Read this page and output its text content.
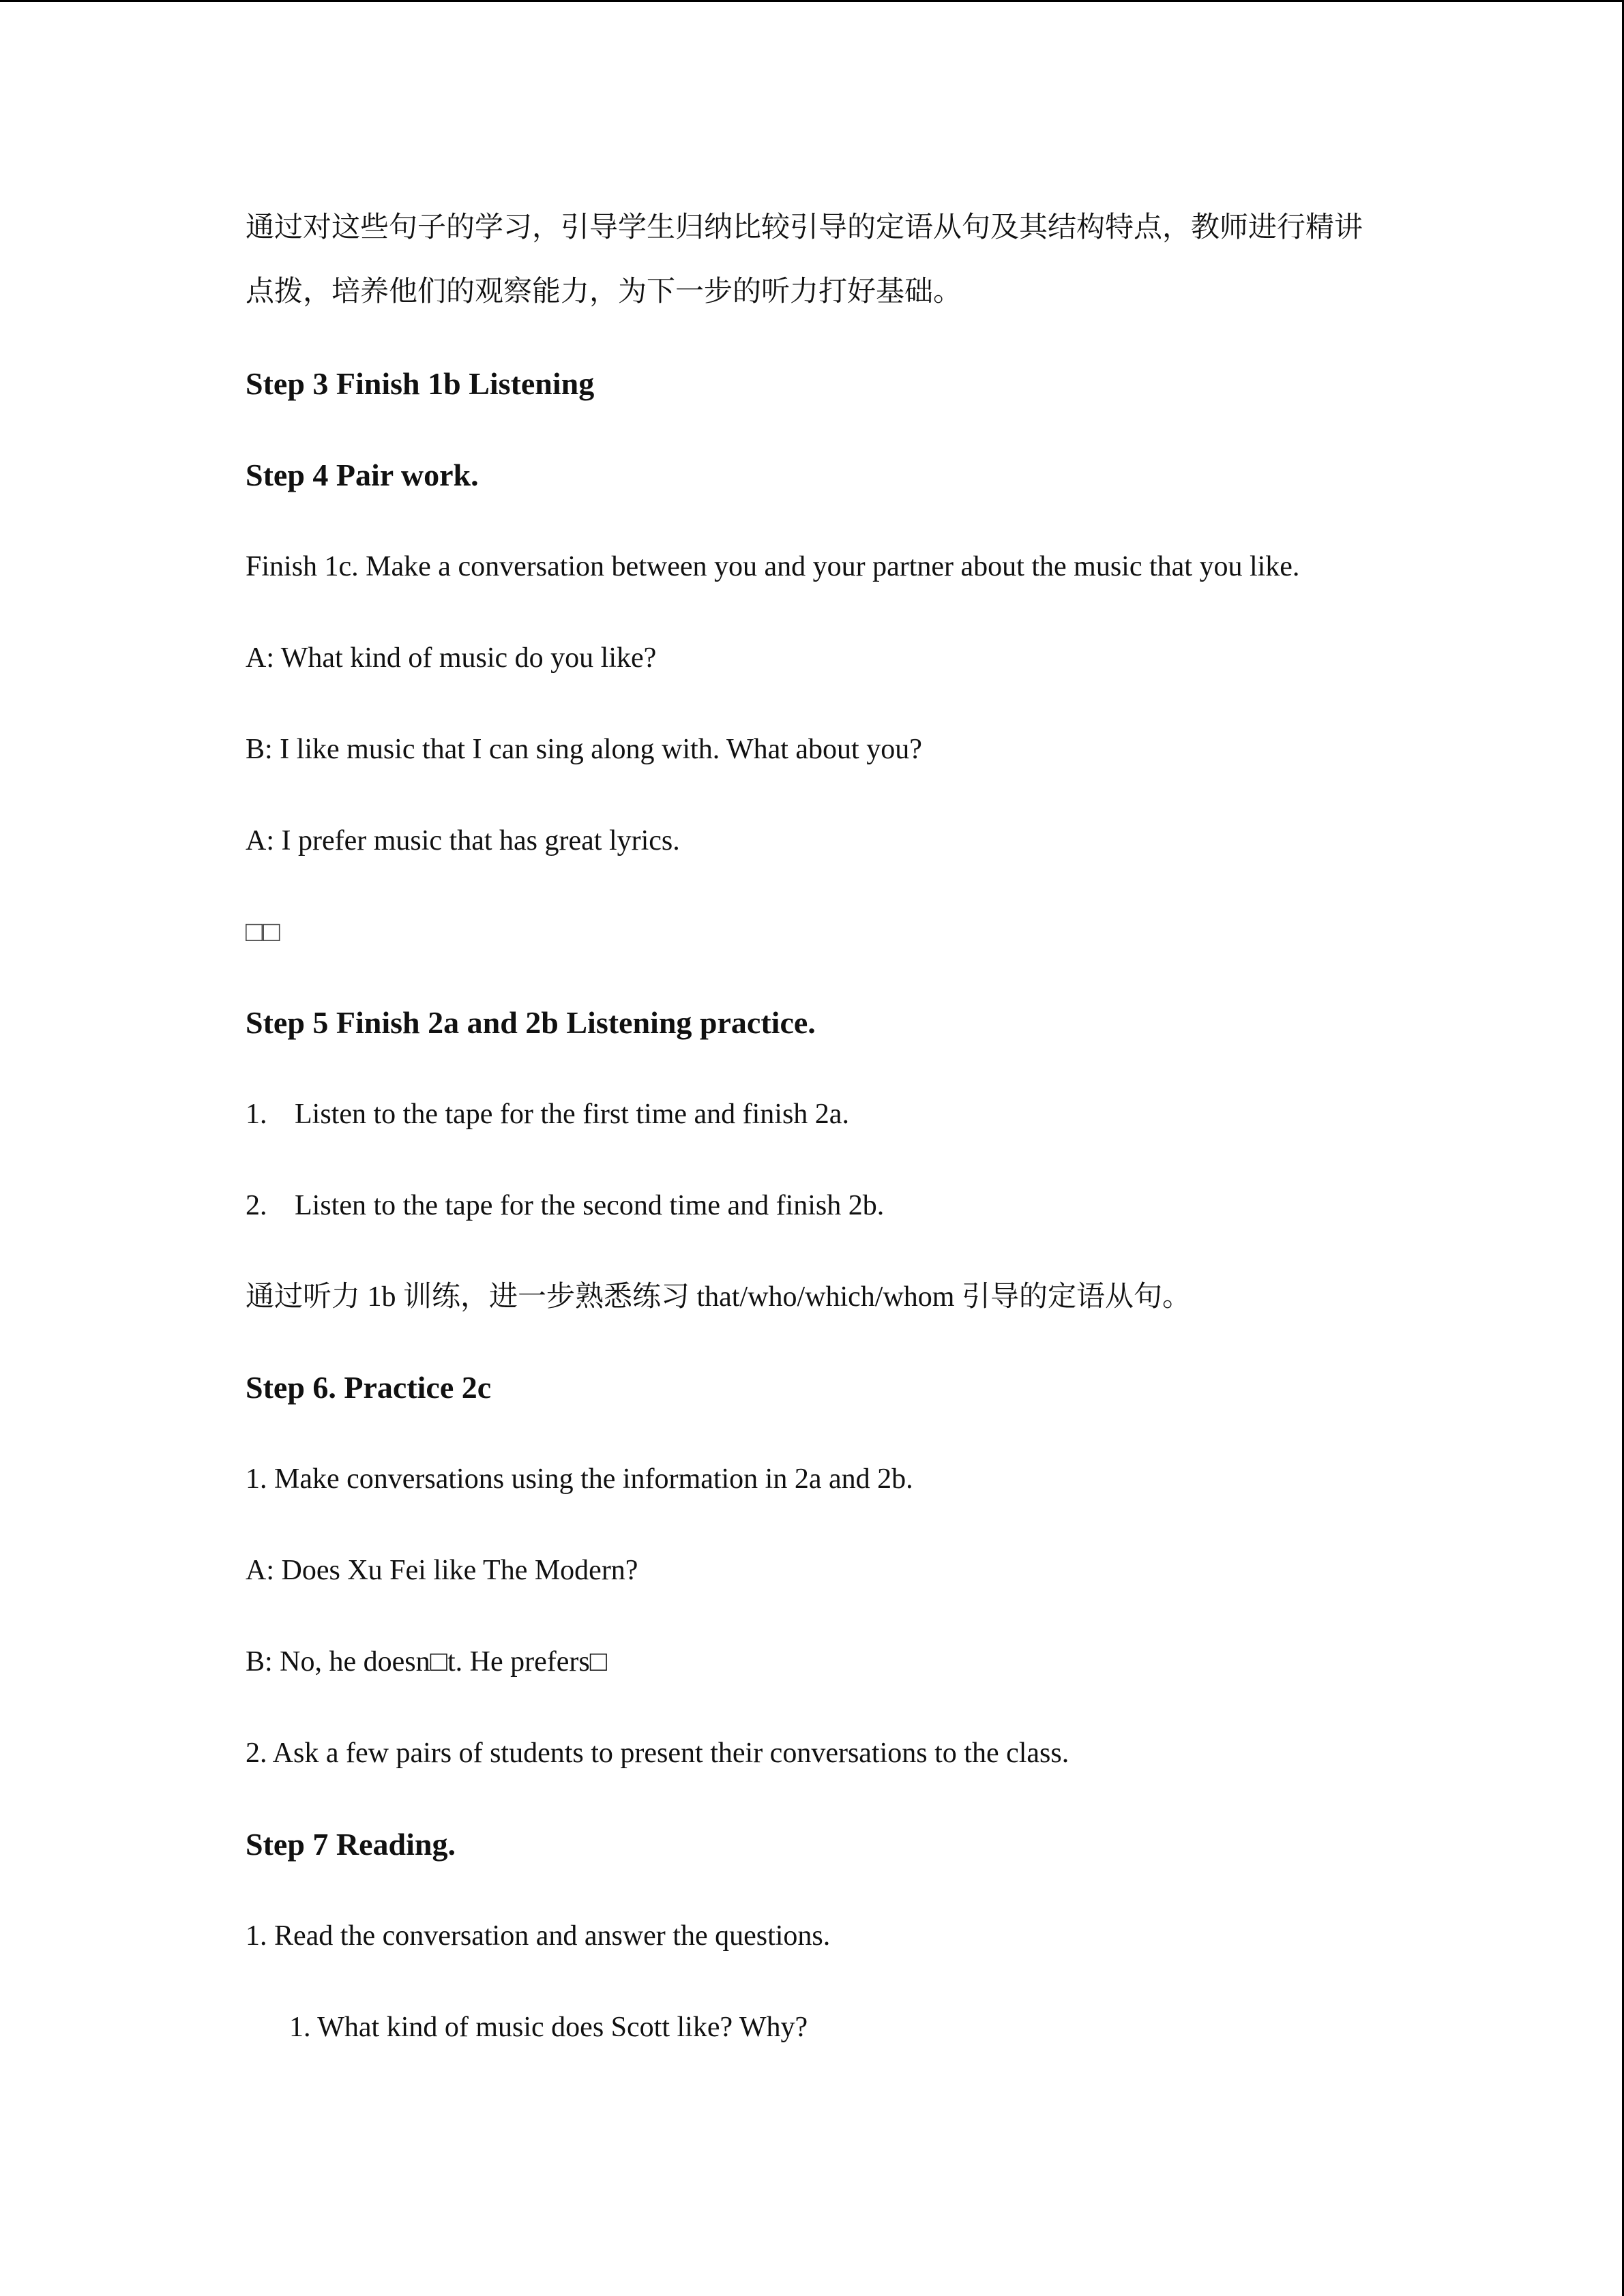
通过对这些句子的学习，引导学生归纳比较引导的定语从句及其结构特点，教师进行精讲
点拨，培养他们的观察能力，为下一步的听力打好基础。
Step 3 Finish 1b Listening
Step 4 Pair work.
Finish 1c. Make a conversation between you and your partner about the music that you like.
A: What kind of music do you like?
B: I like music that I can sing along with. What about you?
A: I prefer music that has great lyrics.
□□
Step 5 Finish 2a and 2b Listening practice.
1. Listen to the tape for the first time and finish 2a.
2. Listen to the tape for the second time and finish 2b.
通过听力 1b 训练，进一步熟悉练习 that/who/which/whom 引导的定语从句。
Step 6. Practice 2c
1. Make conversations using the information in 2a and 2b.
A: Does Xu Fei like The Modern?
B: No, he doesn□t. He prefers□
2. Ask a few pairs of students to present their conversations to the class.
Step 7 Reading.
1. Read the conversation and answer the questions.
1. What kind of music does Scott like? Why?
